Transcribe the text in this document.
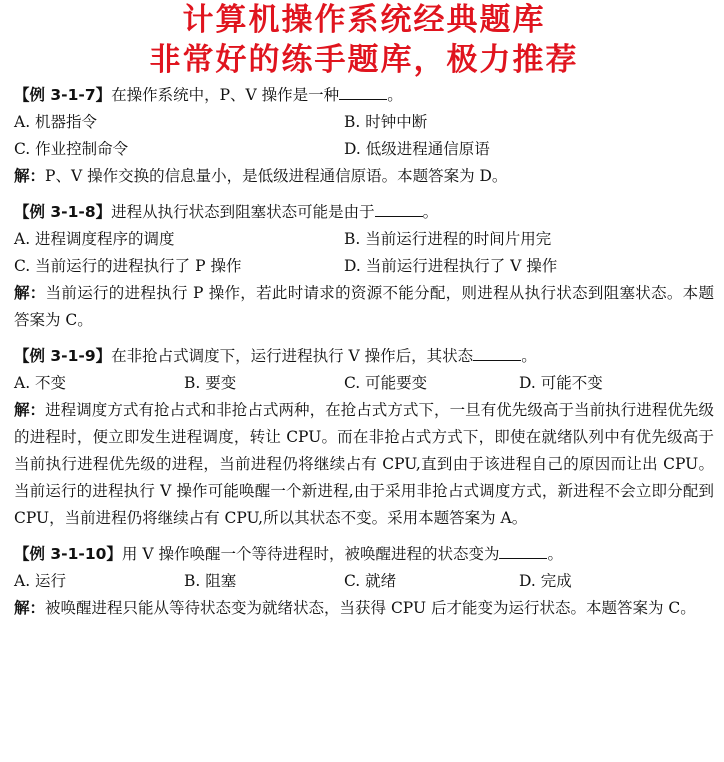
计算机操作系统经典题库
非常好的练手题库，极力推荐
【例 3-1-7】在操作系统中，P、V 操作是一种	。
A. 机器指令	B. 时钟中断
C. 作业控制命令	D. 低级进程通信原语
解：P、V 操作交换的信息量小，是低级进程通信原语。本题答案为 D。
【例 3-1-8】进程从执行状态到阻塞状态可能是由于	。
A. 进程调度程序的调度	B. 当前运行进程的时间片用完
C. 当前运行的进程执行了 P 操作	D. 当前运行进程执行了 V 操作
解：当前运行的进程执行 P 操作，若此时请求的资源不能分配，则进程从执行状态到阻塞状态。本题答案为 C。
【例 3-1-9】在非抢占式调度下，运行进程执行 V 操作后，其状态	。
A. 不变	B. 要变	C. 可能要变	D. 可能不变
解：进程调度方式有抢占式和非抢占式两种，在抢占式方式下，一旦有优先级高于当前执行进程优先级的进程时，便立即发生进程调度，转让 CPU。而在非抢占式方式下，即使在就绪队列中有优先级高于当前执行进程优先级的进程，当前进程仍将继续占有 CPU,直到由于该进程自己的原因而让出 CPU。当前运行的进程执行 V 操作可能唤醒一个新进程,由于采用非抢占式调度方式，新进程不会立即分配到 CPU，当前进程仍将继续占有 CPU,所以其状态不变。采用本题答案为 A。
【例 3-1-10】用 V 操作唤醒一个等待进程时，被唤醒进程的状态变为	。
A. 运行	B. 阻塞	C. 就绪	D. 完成
解：被唤醒进程只能从等待状态变为就绪状态，当获得 CPU 后才能变为运行状态。本题答案为 C。
